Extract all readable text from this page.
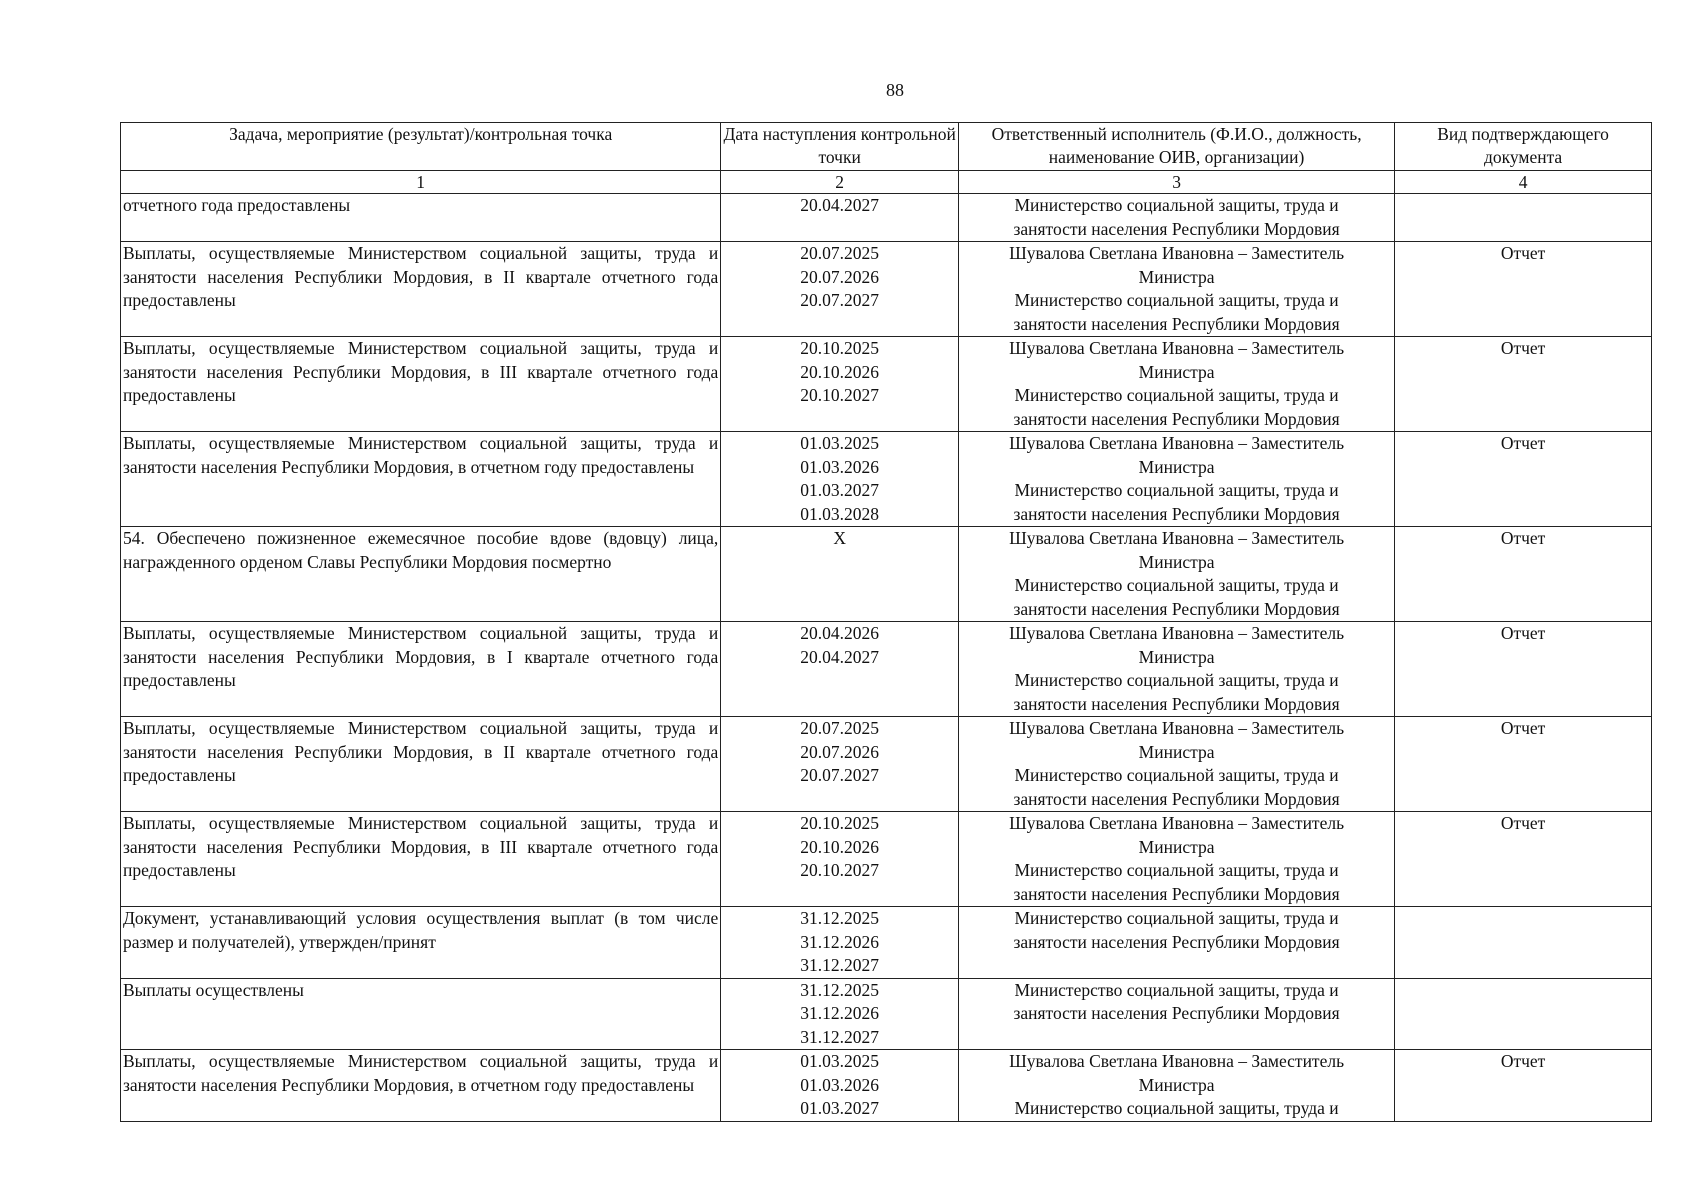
88
Задача, мероприятие (результат)/контрольная точка	Дата наступления контрольной точки	Ответственный исполнитель (Ф.И.О., должность, наименование ОИВ, организации)	Вид подтверждающего документа
1	2	3	4
отчетного года предоставлены	20.04.2027	Министерство социальной защиты, труда и
занятости населения Республики Мордовия	

Выплаты, осуществляемые Министерством социальной защиты, труда и занятости населения Республики Мордовия, в II квартале отчетного года предоставлены	20.07.2025
20.07.2026
20.07.2027	Шувалова Светлана Ивановна – Заместитель
Министра
Министерство социальной защиты, труда и
занятости населения Республики Мордовия	Отчет
Выплаты, осуществляемые Министерством социальной защиты, труда и занятости населения Республики Мордовия, в III квартале отчетного года предоставлены	20.10.2025
20.10.2026
20.10.2027	Шувалова Светлана Ивановна – Заместитель
Министра
Министерство социальной защиты, труда и
занятости населения Республики Мордовия	Отчет
Выплаты, осуществляемые Министерством социальной защиты, труда и занятости населения Республики Мордовия, в отчетном году предоставлены	01.03.2025
01.03.2026
01.03.2027
01.03.2028	Шувалова Светлана Ивановна – Заместитель
Министра
Министерство социальной защиты, труда и
занятости населения Республики Мордовия	Отчет
54. Обеспечено пожизненное ежемесячное пособие вдове (вдовцу) лица, награжденного орденом Славы Республики Мордовия посмертно	Х	Шувалова Светлана Ивановна – Заместитель
Министра
Министерство социальной защиты, труда и
занятости населения Республики Мордовия	Отчет
Выплаты, осуществляемые Министерством социальной защиты, труда и занятости населения Республики Мордовия, в I квартале отчетного года предоставлены	20.04.2026
20.04.2027	Шувалова Светлана Ивановна – Заместитель
Министра
Министерство социальной защиты, труда и
занятости населения Республики Мордовия	Отчет
Выплаты, осуществляемые Министерством социальной защиты, труда и занятости населения Республики Мордовия, в II квартале отчетного года предоставлены	20.07.2025
20.07.2026
20.07.2027	Шувалова Светлана Ивановна – Заместитель
Министра
Министерство социальной защиты, труда и
занятости населения Республики Мордовия	Отчет
Выплаты, осуществляемые Министерством социальной защиты, труда и занятости населения Республики Мордовия, в III квартале отчетного года предоставлены	20.10.2025
20.10.2026
20.10.2027	Шувалова Светлана Ивановна – Заместитель
Министра
Министерство социальной защиты, труда и
занятости населения Республики Мордовия	Отчет
Документ, устанавливающий условия осуществления выплат (в том числе размер и получателей), утвержден/принят	31.12.2025
31.12.2026
31.12.2027	Министерство социальной защиты, труда и
занятости населения Республики Мордовия	

Выплаты осуществлены	31.12.2025
31.12.2026
31.12.2027	Министерство социальной защиты, труда и
занятости населения Республики Мордовия	

Выплаты, осуществляемые Министерством социальной защиты, труда и занятости населения Республики Мордовия, в отчетном году предоставлены	01.03.2025
01.03.2026
01.03.2027	Шувалова Светлана Ивановна – Заместитель
Министра
Министерство социальной защиты, труда и	Отчет
